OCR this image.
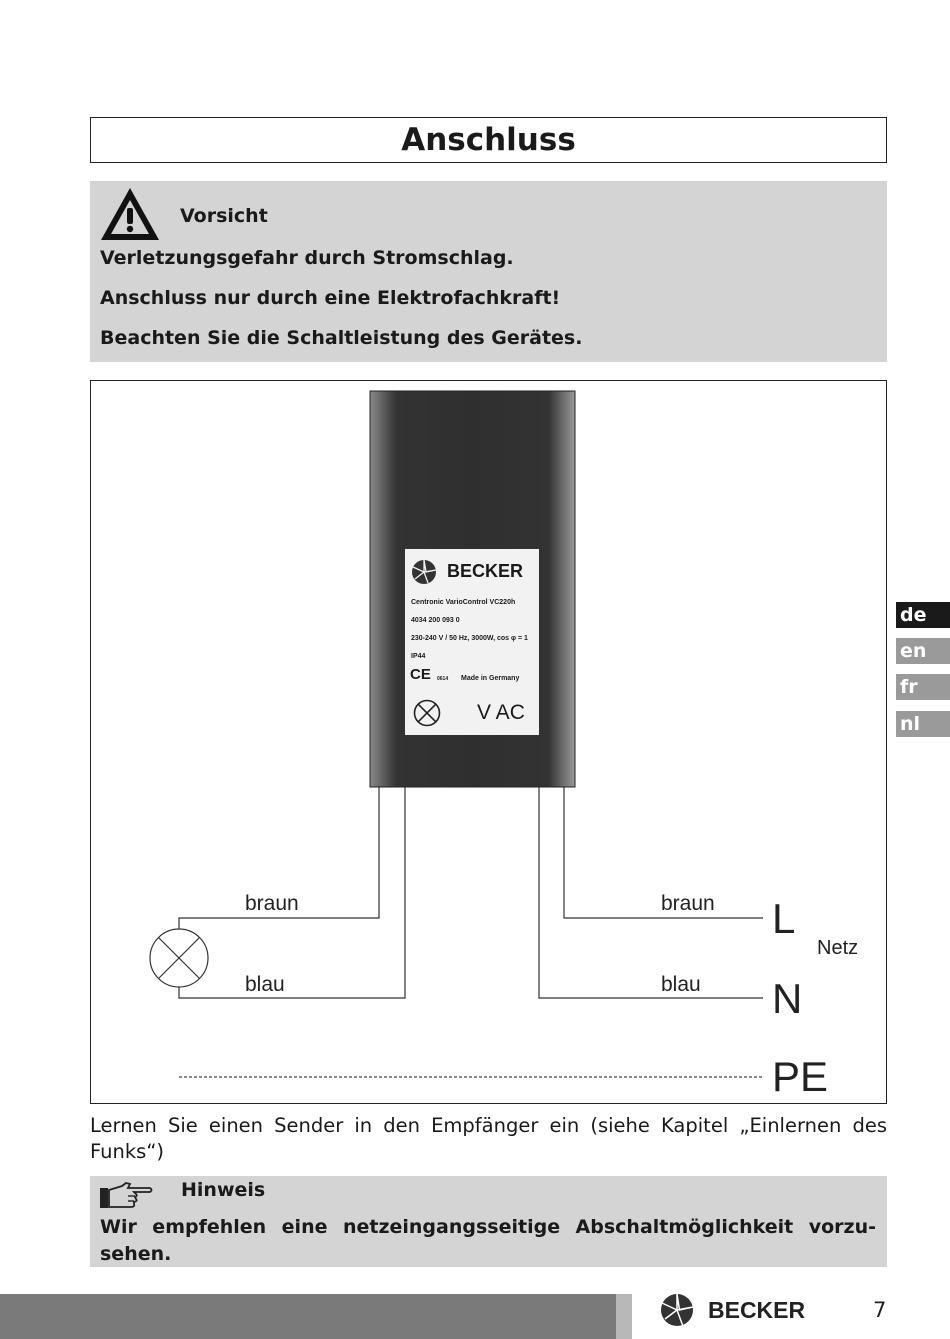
Anschluss
Vorsicht
Verletzungsgefahr durch Stromschlag.
Anschluss nur durch eine Elektrofachkraft!
Beachten Sie die Schaltleistung des Gerätes.
BECKER
Centronic VarioControl VC220h
4034 200 093 0
230-240 V / 50 Hz, 3000W, cos φ = 1
IP44
CE 0614 Made in Germany
V AC
braun
blau
braun
blau
L
N
PE
Netz
Lernen Sie einen Sender in den Empfänger ein (siehe Kapitel „Einlernen des Funks“)
Hinweis
Wir empfehlen eine netzeingangsseitige Abschaltmöglichkeit vorzu-sehen.
de
en
fr
nl
BECKER	7
